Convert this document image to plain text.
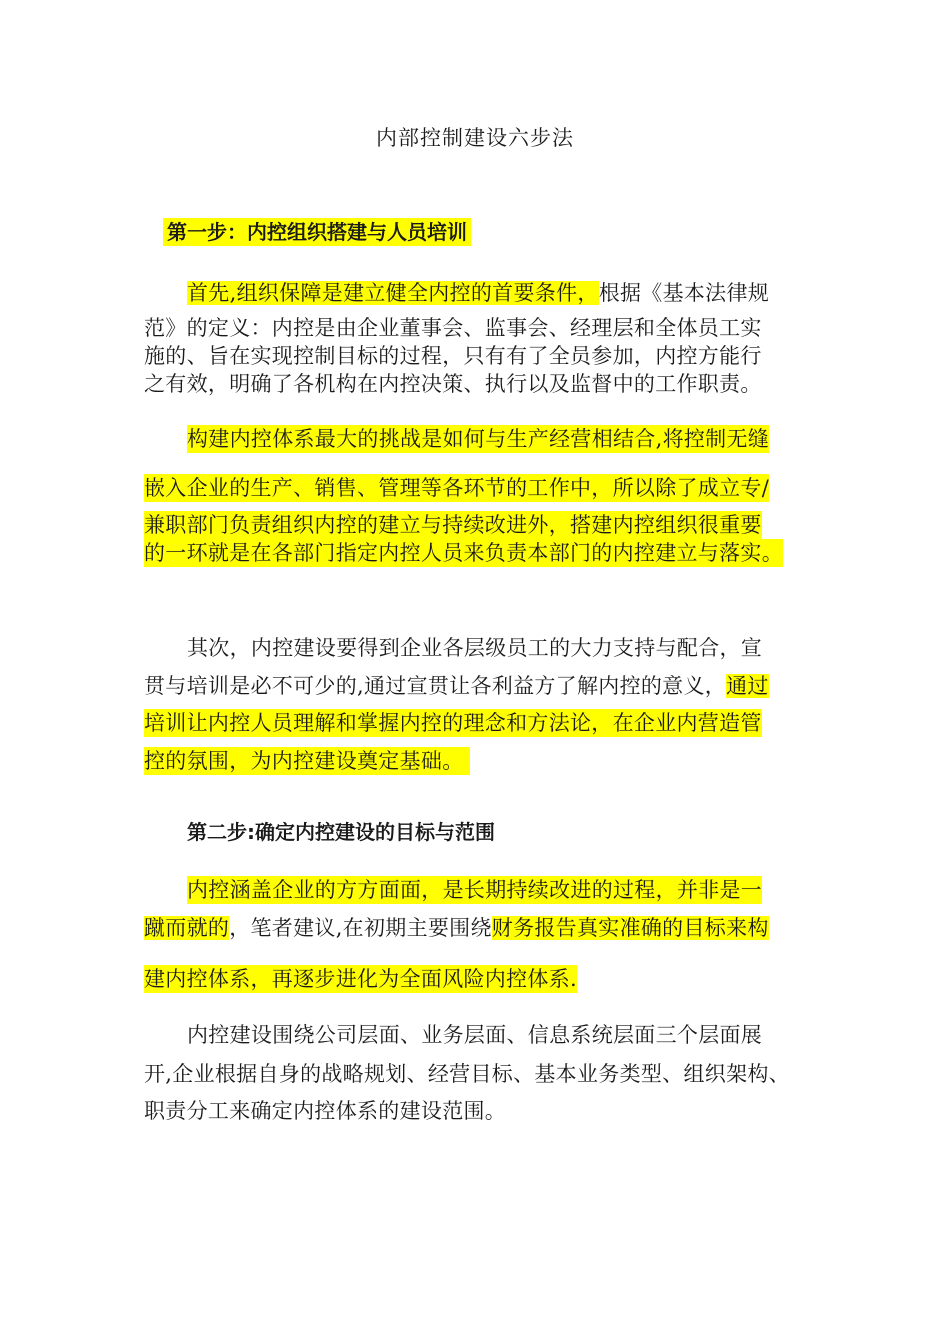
内部控制建设六步法
第一步：内控组织搭建与人员培训
首先,组织保障是建立健全内控的首要条件，根据《基本法律规
范》的定义：内控是由企业董事会、监事会、经理层和全体员工实
施的、旨在实现控制目标的过程，只有有了全员参加，内控方能行
之有效，明确了各机构在内控决策、执行以及监督中的工作职责。
构建内控体系最大的挑战是如何与生产经营相结合,将控制无缝
嵌入企业的生产、销售、管理等各环节的工作中，所以除了成立专/
兼职部门负责组织内控的建立与持续改进外，搭建内控组织很重要
的一环就是在各部门指定内控人员来负责本部门的内控建立与落实。
其次，内控建设要得到企业各层级员工的大力支持与配合，宣
贯与培训是必不可少的,通过宣贯让各利益方了解内控的意义，通过
培训让内控人员理解和掌握内控的理念和方法论，在企业内营造管
控的氛围，为内控建设奠定基础。
第二步:确定内控建设的目标与范围
内控涵盖企业的方方面面，是长期持续改进的过程，并非是一
蹴而就的，笔者建议,在初期主要围绕财务报告真实准确的目标来构
建内控体系，再逐步进化为全面风险内控体系.
内控建设围绕公司层面、业务层面、信息系统层面三个层面展
开,企业根据自身的战略规划、经营目标、基本业务类型、组织架构、
职责分工来确定内控体系的建设范围。
